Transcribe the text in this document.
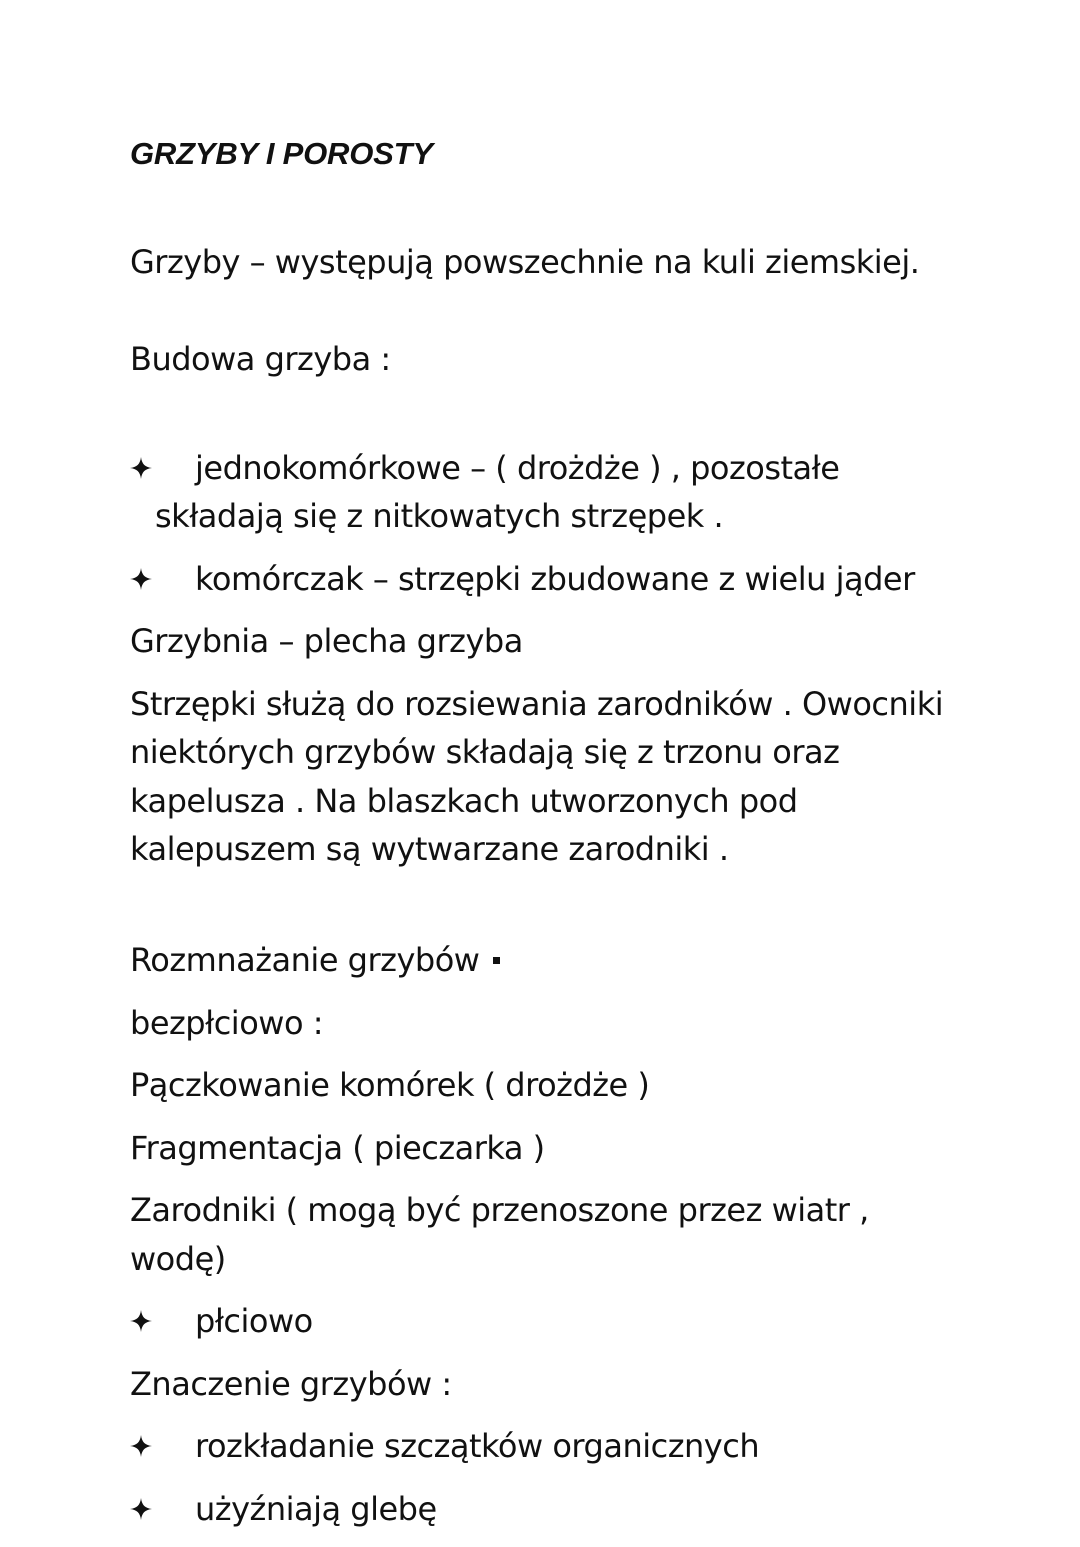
GRZYBY I POROSTY

Grzyby – występują powszechnie na kuli ziemskiej.

Budowa grzyba :

jednokomórkowe – ( drożdże ) , pozostałe
składają się z nitkowatych strzępek .
komórczak – strzępki zbudowane z wielu jąder
Grzybnia – plecha grzyba
Strzępki służą do rozsiewania zarodników . Owocniki
niektórych grzybów składają się z trzonu oraz
kapelusza . Na blaszkach utworzonych pod
kalepuszem są wytwarzane zarodniki .

Rozmnażanie grzybów

bezpłciowo :
Pączkowanie komórek ( drożdże )
Fragmentacja ( pieczarka )
Zarodniki ( mogą być przenoszone przez wiatr ,
wodę)
płciowo
Znaczenie grzybów :
rozkładanie szczątków organicznych
użyźniają glebę
